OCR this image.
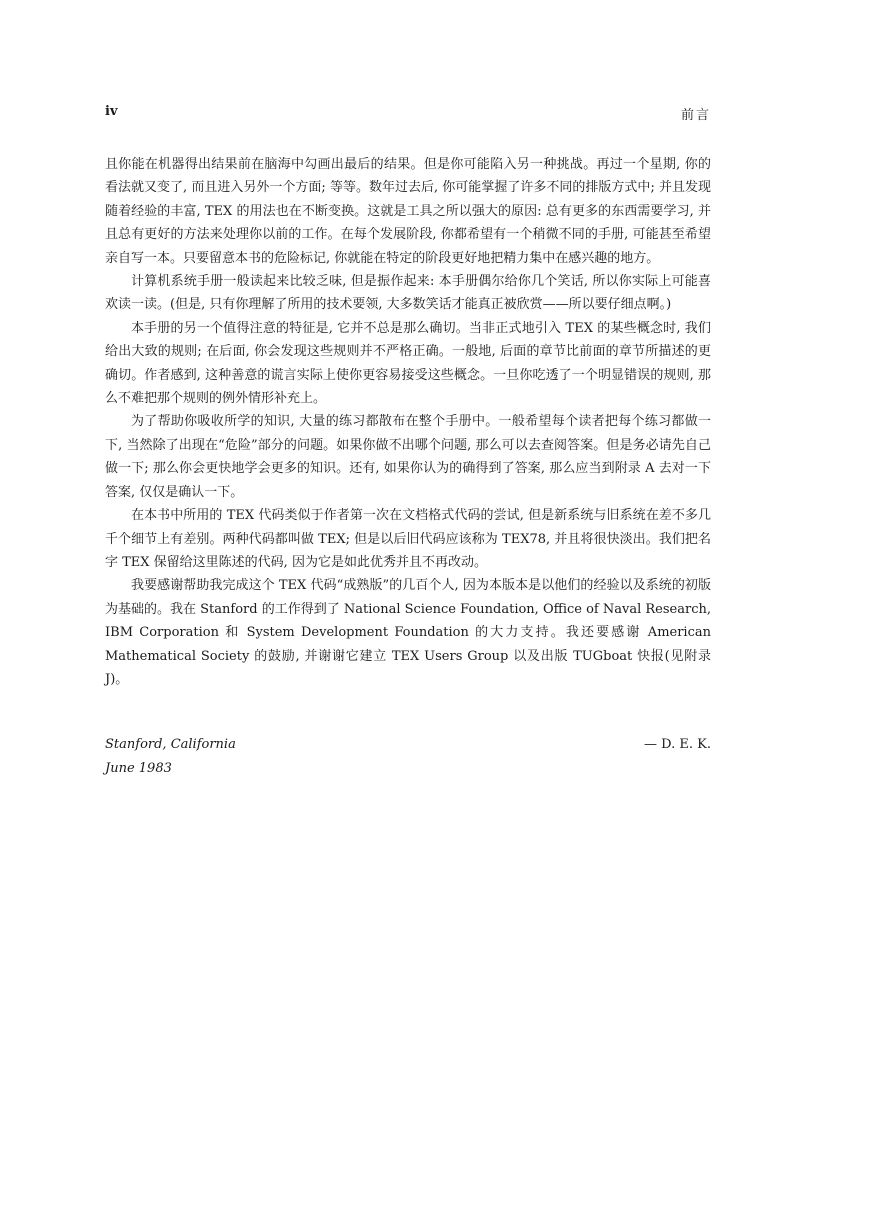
iv	前言

且你能在机器得出结果前在脑海中勾画出最后的结果。但是你可能陷入另一种挑战。再过一个星期, 你的看法就又变了, 而且进入另外一个方面; 等等。数年过去后, 你可能掌握了许多不同的排版方式中; 并且发现随着经验的丰富, TEX 的用法也在不断变换。这就是工具之所以强大的原因: 总有更多的东西需要学习, 并且总有更好的方法来处理你以前的工作。在每个发展阶段, 你都希望有一个稍微不同的手册, 可能甚至希望亲自写一本。只要留意本书的危险标记, 你就能在特定的阶段更好地把精力集中在感兴趣的地方。

计算机系统手册一般读起来比较乏味, 但是振作起来: 本手册偶尔给你几个笑话, 所以你实际上可能喜欢读一读。(但是, 只有你理解了所用的技术要领, 大多数笑话才能真正被欣赏——所以要仔细点啊。)

本手册的另一个值得注意的特征是, 它并不总是那么确切。当非正式地引入 TEX 的某些概念时, 我们给出大致的规则; 在后面, 你会发现这些规则并不严格正确。一般地, 后面的章节比前面的章节所描述的更确切。作者感到, 这种善意的谎言实际上使你更容易接受这些概念。一旦你吃透了一个明显错误的规则, 那么不难把那个规则的例外情形补充上。

为了帮助你吸收所学的知识, 大量的练习都散布在整个手册中。一般希望每个读者把每个练习都做一下, 当然除了出现在“危险”部分的问题。如果你做不出哪个问题, 那么可以去查阅答案。但是务必请先自己做一下; 那么你会更快地学会更多的知识。还有, 如果你认为的确得到了答案, 那么应当到附录 A 去对一下答案, 仅仅是确认一下。

在本书中所用的 TEX 代码类似于作者第一次在文档格式代码的尝试, 但是新系统与旧系统在差不多几千个细节上有差别。两种代码都叫做 TEX; 但是以后旧代码应该称为 TEX78, 并且将很快淡出。我们把名字 TEX 保留给这里陈述的代码, 因为它是如此优秀并且不再改动。

我要感谢帮助我完成这个 TEX 代码“成熟版”的几百个人, 因为本版本是以他们的经验以及系统的初版为基础的。我在 Stanford 的工作得到了 National Science Foundation, Office of Naval Research, IBM Corporation 和 System Development Foundation 的大力支持。我还要感谢 American Mathematical Society 的鼓励, 并谢谢它建立 TEX Users Group 以及出版 TUGboat 快报(见附录 J)。

Stanford, California
June 1983
— D. E. K.
